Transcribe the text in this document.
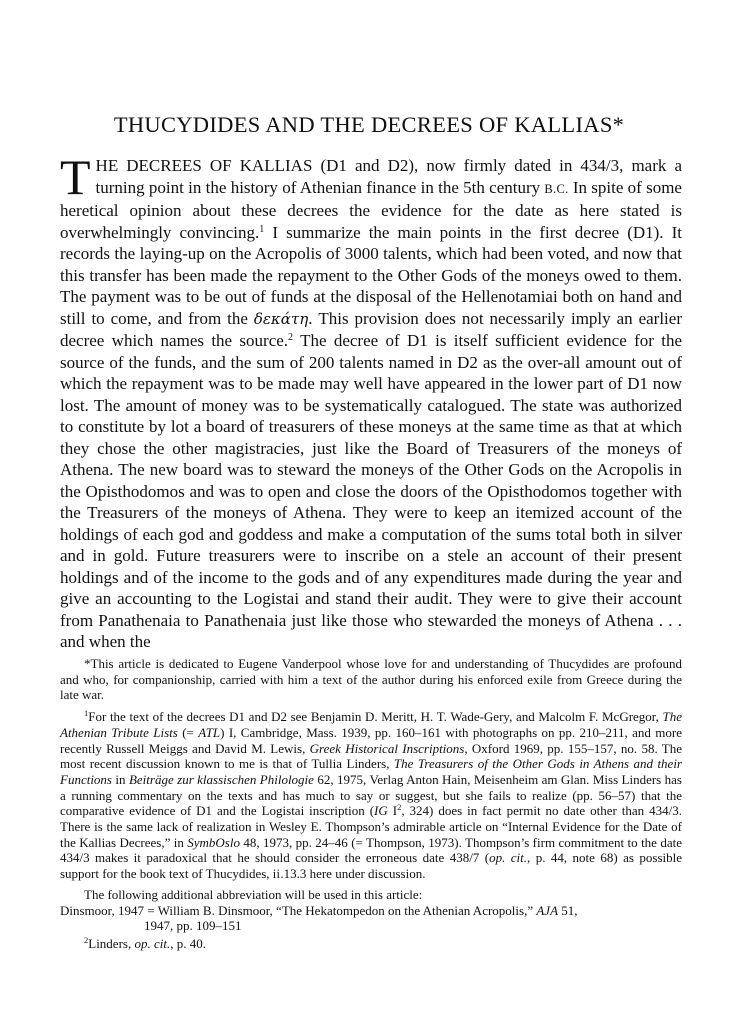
THUCYDIDES AND THE DECREES OF KALLIAS*

THE DECREES OF KALLIAS (D1 and D2), now firmly dated in 434/3, mark a turning point in the history of Athenian finance in the 5th century B.C. In spite of some heretical opinion about these decrees the evidence for the date as here stated is overwhelmingly convincing.$^1$ I summarize the main points in the first decree (D1). It records the laying-up on the Acropolis of 3000 talents, which had been voted, and now that this transfer has been made the repayment to the Other Gods of the moneys owed to them. The payment was to be out of funds at the disposal of the Hellenotamiai both on hand and still to come, and from the δεκάτη. This provision does not necessarily imply an earlier decree which names the source.$^2$ The decree of D1 is itself sufficient evidence for the source of the funds, and the sum of 200 talents named in D2 as the over-all amount out of which the repayment was to be made may well have appeared in the lower part of D1 now lost. The amount of money was to be systematically catalogued. The state was authorized to constitute by lot a board of treasurers of these moneys at the same time as that at which they chose the other magistracies, just like the Board of Treasurers of the moneys of Athena. The new board was to steward the moneys of the Other Gods on the Acropolis in the Opisthodomos and was to open and close the doors of the Opisthodomos together with the Treasurers of the moneys of Athena. They were to keep an itemized account of the holdings of each god and goddess and make a computation of the sums total both in silver and in gold. Future treasurers were to inscribe on a stele an account of their present holdings and of the income to the gods and of any expenditures made during the year and give an accounting to the Logistai and stand their audit. They were to give their account from Panathenaia to Panathenaia just like those who stewarded the moneys of Athena . . . and when the

*This article is dedicated to Eugene Vanderpool whose love for and understanding of Thucydides are profound and who, for companionship, carried with him a text of the author during his enforced exile from Greece during the late war.

$^1$For the text of the decrees D1 and D2 see Benjamin D. Meritt, H. T. Wade-Gery, and Malcolm F. McGregor, The Athenian Tribute Lists (= ATL) I, Cambridge, Mass. 1939, pp. 160–161 with photographs on pp. 210–211, and more recently Russell Meiggs and David M. Lewis, Greek Historical Inscriptions, Oxford 1969, pp. 155–157, no. 58. The most recent discussion known to me is that of Tullia Linders, The Treasurers of the Other Gods in Athens and their Functions in Beiträge zur klassischen Philologie 62, 1975, Verlag Anton Hain, Meisenheim am Glan. Miss Linders has a running commentary on the texts and has much to say or suggest, but she fails to realize (pp. 56–57) that the comparative evidence of D1 and the Logistai inscription (IG $I^2$, 324) does in fact permit no date other than 434/3. There is the same lack of realization in Wesley E. Thompson’s admirable article on “Internal Evidence for the Date of the Kallias Decrees,” in SymbOslo 48, 1973, pp. 24–46 (= Thompson, 1973). Thompson’s firm commitment to the date 434/3 makes it paradoxical that he should consider the erroneous date 438/7 (op. cit., p. 44, note 68) as possible support for the book text of Thucydides, ii.13.3 here under discussion.

The following additional abbreviation will be used in this article:

Dinsmoor, 1947 = William B. Dinsmoor, “The Hekatompedon on the Athenian Acropolis,” AJA 51,
1947, pp. 109–151

$^2$Linders, op. cit., p. 40.
